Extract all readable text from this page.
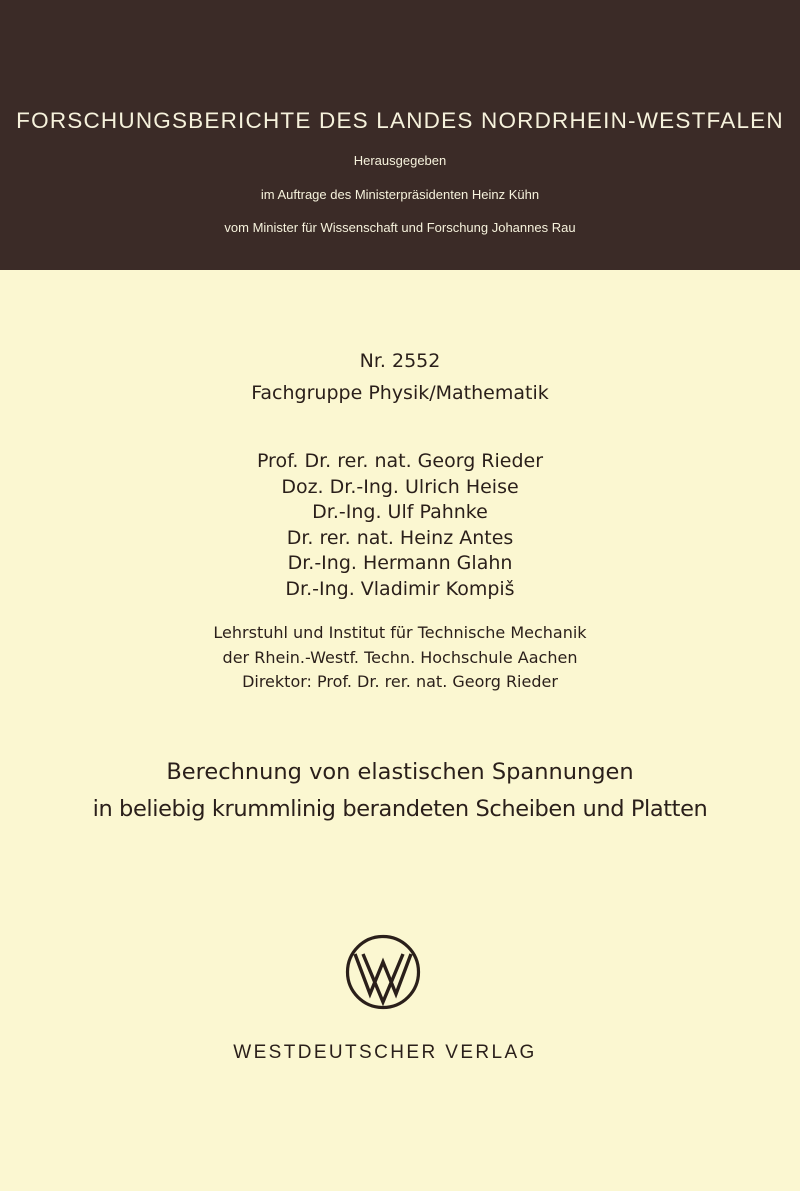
FORSCHUNGSBERICHTE DES LANDES NORDRHEIN-WESTFALEN
Herausgegeben
im Auftrage des Ministerpräsidenten Heinz Kühn
vom Minister für Wissenschaft und Forschung Johannes Rau
Nr. 2552
Fachgruppe Physik/Mathematik
Prof. Dr. rer. nat. Georg Rieder
Doz. Dr.-Ing. Ulrich Heise
Dr.-Ing. Ulf Pahnke
Dr. rer. nat. Heinz Antes
Dr.-Ing. Hermann Glahn
Dr.-Ing. Vladimir Kompiš
Lehrstuhl und Institut für Technische Mechanik
der Rhein.-Westf. Techn. Hochschule Aachen
Direktor: Prof. Dr. rer. nat. Georg Rieder
Berechnung von elastischen Spannungen
in beliebig krummlinig berandeten Scheiben und Platten
WESTDEUTSCHER VERLAG
